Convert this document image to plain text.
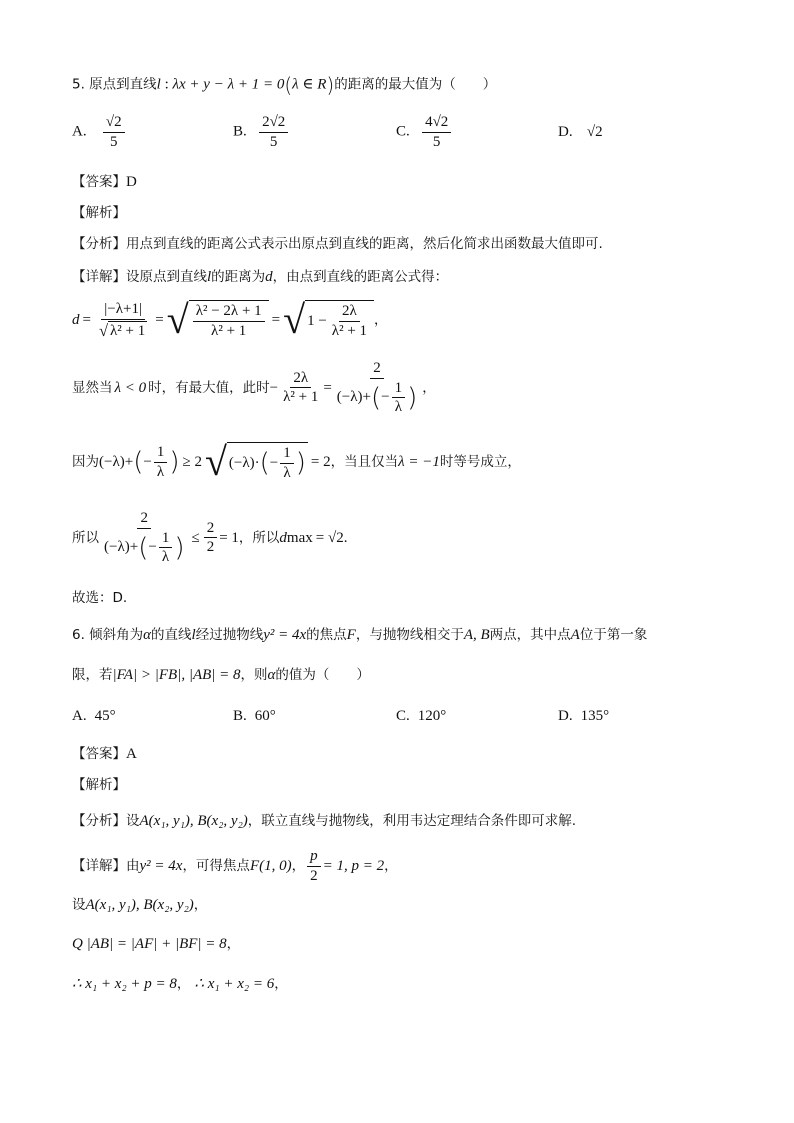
5. 原点到直线l : λx + y − λ + 1 = 0(λ ∈ R)的距离的最大值为（　　）
A. $\frac{√2}{5}$	B. $\frac{2√2}{5}$	C. $\frac{4√2}{5}$	D. √2
【答案】D
【解析】
【分析】用点到直线的距离公式表示出原点到直线的距离，然后化简求出函数最大值即可.
【详解】设原点到直线l的距离为d，由点到直线的距离公式得：
$d = \frac{|-\lambda+1|}{\text{√ λ² + 1}}$ = √ $\frac{\text{λ² − 2λ + 1}}{\text{λ² + 1}}$ = √ $1 - \frac{2\lambda}{\text{λ² + 1}}$ ，
显然当 λ < 0 时，有最大值，此时 − $\frac{2\lambda}{\text{λ² + 1}} = \frac{2}{(-\lambda)+ ( - \frac{1}{\lambda} )}$ ，
因为 (−λ)+ ( − $\frac{1}{\lambda}$ ) ≥ 2 √ (−λ)· ( − $\frac{1}{\lambda}$ ) = 2 ，当且仅当 λ = −1 时等号成立，
所以 $\frac{2}{(-\lambda)+ ( - \frac{1}{\lambda} )} \le \frac{2}{2} = 1$ ，所以 d max = √2 .
故选：D.
6. 倾斜角为α的直线l经过抛物线y² = 4x的焦点F，与抛物线相交于A, B两点，其中点A位于第一象
限，若|FA| > |FB|, |AB| = 8，则α的值为（　　）
A. 45°	B. 60°	C. 120°	D. 135°
【答案】A
【解析】
【分析】设A(x₁, y₁), B(x₂, y₂)，联立直线与抛物线，利用韦达定理结合条件即可求解.
【详解】 由 y² = 4x ，可得焦点 F(1, 0) ， $\frac{p}{2} = 1$, p = 2 ，
设A(x₁, y₁), B(x₂, y₂)，
Q |AB| = |AF| + |BF| = 8，
∴ x₁ + x₂ + p = 8， ∴ x₁ + x₂ = 6，
